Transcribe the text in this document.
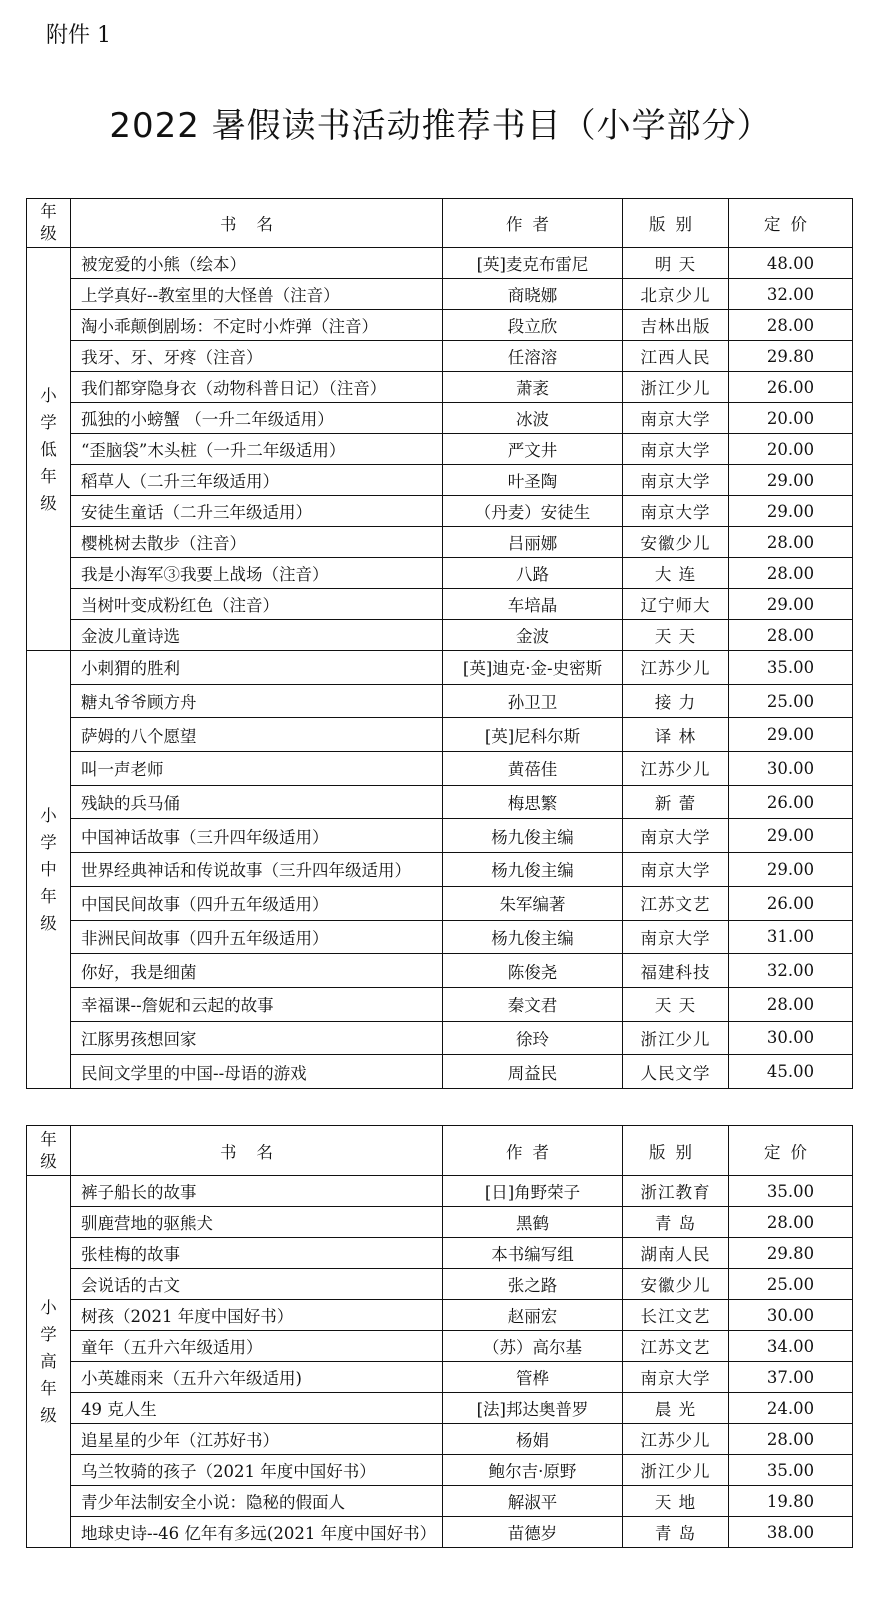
附件 1
2022 暑假读书活动推荐书目（小学部分）
年级	书名	作者	版别	定价
小学低年级	被宠爱的小熊（绘本）	[英]麦克布雷尼	明 天	48.00
	上学真好--教室里的大怪兽（注音）	商晓娜	北京少儿	32.00
	淘小乖颠倒剧场：不定时小炸弹（注音）	段立欣	吉林出版	28.00
	我牙、牙、牙疼（注音）	任溶溶	江西人民	29.80
	我们都穿隐身衣（动物科普日记）（注音）	萧袤	浙江少儿	26.00
	孤独的小螃蟹 （一升二年级适用）	冰波	南京大学	20.00
	“歪脑袋”木头桩（一升二年级适用）	严文井	南京大学	20.00
	稻草人（二升三年级适用）	叶圣陶	南京大学	29.00
	安徒生童话（二升三年级适用）	（丹麦）安徒生	南京大学	29.00
	樱桃树去散步（注音）	吕丽娜	安徽少儿	28.00
	我是小海军③我要上战场（注音）	八路	大 连	28.00
	当树叶变成粉红色（注音）	车培晶	辽宁师大	29.00
	金波儿童诗选	金波	天 天	28.00
小学中年级	小刺猬的胜利	[英]迪克·金-史密斯	江苏少儿	35.00
	糖丸爷爷顾方舟	孙卫卫	接 力	25.00
	萨姆的八个愿望	[英]尼科尔斯	译 林	29.00
	叫一声老师	黄蓓佳	江苏少儿	30.00
	残缺的兵马俑	梅思繁	新 蕾	26.00
	中国神话故事（三升四年级适用）	杨九俊主编	南京大学	29.00
	世界经典神话和传说故事（三升四年级适用）	杨九俊主编	南京大学	29.00
	中国民间故事（四升五年级适用）	朱军编著	江苏文艺	26.00
	非洲民间故事（四升五年级适用）	杨九俊主编	南京大学	31.00
	你好，我是细菌	陈俊尧	福建科技	32.00
	幸福课--詹妮和云起的故事	秦文君	天 天	28.00
	江豚男孩想回家	徐玲	浙江少儿	30.00
	民间文学里的中国--母语的游戏	周益民	人民文学	45.00
年级	书名	作者	版别	定价
小学高年级	裤子船长的故事	[日]角野荣子	浙江教育	35.00
	驯鹿营地的驱熊犬	黑鹤	青 岛	28.00
	张桂梅的故事	本书编写组	湖南人民	29.80
	会说话的古文	张之路	安徽少儿	25.00
	树孩（2021 年度中国好书）	赵丽宏	长江文艺	30.00
	童年（五升六年级适用）	（苏）高尔基	江苏文艺	34.00
	小英雄雨来（五升六年级适用)	管桦	南京大学	37.00
	49 克人生	[法]邦达奥普罗	晨 光	24.00
	追星星的少年（江苏好书）	杨娟	江苏少儿	28.00
	乌兰牧骑的孩子（2021 年度中国好书）	鲍尔吉·原野	浙江少儿	35.00
	青少年法制安全小说：隐秘的假面人	解淑平	天 地	19.80
	地球史诗--46 亿年有多远(2021 年度中国好书）	苗德岁	青 岛	38.00
